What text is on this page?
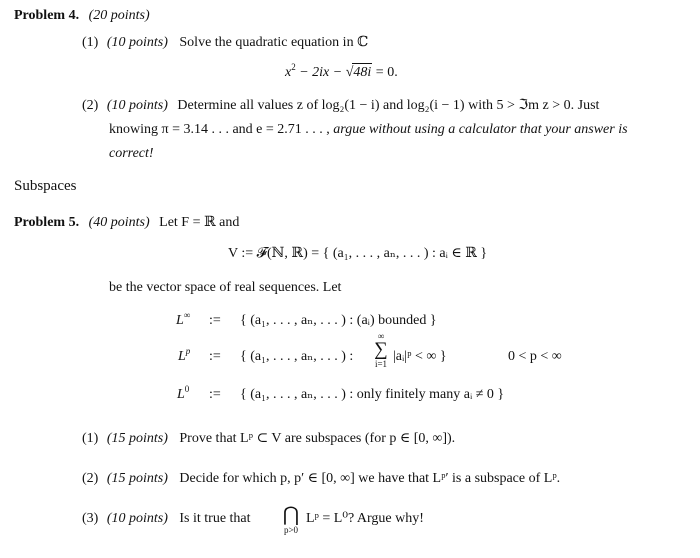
Problem 4. (20 points)
(1) (10 points) Solve the quadratic equation in ℂ
$x^2 - 2ix - √48i = 0$.
(2) (10 points) Determine all values z of log₂(1 − i) and log₂(i − 1) with 5 > ℑm z > 0. Just
knowing π = 3.14 . . . and e = 2.71 . . . , argue without using a calculator that your answer is
correct!
Subspaces
Problem 5. (40 points) Let F = ℝ and
V := 𝓕(ℕ, ℝ) = { (a₁, . . . , aₙ, . . . ) : aᵢ ∈ ℝ }
be the vector space of real sequences. Let
L∞ := { (a₁, . . . , aₙ, . . . ) : (aᵢ) bounded }
$L^p$ := { (a₁, . . . , aₙ, . . . ) :
∞
∑
i=1 |aᵢ|ᵖ < ∞ }	0 < p < ∞
$L^0$ := { (a₁, . . . , aₙ, . . . ) : only finitely many aᵢ ≠ 0 }
(1) (15 points) Prove that Lᵖ ⊂ V are subspaces (for p ∈ [0, ∞]).
(2) (15 points) Decide for which p, p′ ∈ [0, ∞] we have that Lᵖ′ is a subspace of Lᵖ.
(3) (10 points) Is it true that	⋂
p>0
Lᵖ = L⁰? Argue why!
